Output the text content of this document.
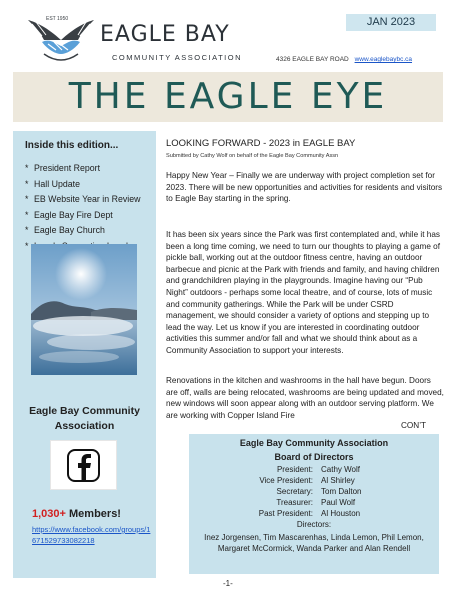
EST 1950
EAGLE BAY
COMMUNITY ASSOCIATION
JAN 2023
4326 EAGLE BAY ROAD www.eaglebaybc.ca
THE EAGLE EYE
Inside this edition...
* President Report
* Hall Update
* EB Website Year in Review
* Eagle Bay Fire Dept
* Eagle Bay Church
*
Eagle Bay Community Association
1,030+ Members!
https://www.facebook.com/groups/1671529733082218
LOOKING FORWARD - 2023 in EAGLE BAY
Submitted by Cathy Wolf on behalf of the Eagle Bay Community Assn

Happy New Year – Finally we are underway with project completion set for 2023. There will be new opportunities and activities for residents and visitors to Eagle Bay starting in the spring.

It has been six years since the Park was first contemplated and, while it has been a long time coming, we need to turn our thoughts to playing a game of pickle ball, working out at the outdoor fitness centre, having an outdoor barbecue and picnic at the Park with friends and family, and having children and grandchildren playing in the playgrounds. Imagine having our “Pub Night” outdoors - perhaps some local theatre, and of course, lots of music and community gatherings. While the Park will be under CSRD management, we should consider a variety of options and stepping up to lead the way. Let us know if you are interested in coordinating outdoor activities this summer and/or fall and what we should think about as a Community Association to support your interests.

Renovations in the kitchen and washrooms in the hall have begun. Doors are off, walls are being relocated, washrooms are being updated and moved, new windows will soon appear along with an outdoor serving platform. We are working with Copper Island Fire

CON’T
Eagle Bay Community Association
Board of Directors
President:	Cathy Wolf
Vice President:	Al Shirley
Secretary:	Tom Dalton
Treasurer:	Paul Wolf
Past President:	Al Houston
Directors:
Inez Jorgensen, Tim Mascarenhas, Linda Lemon, Phil Lemon, Margaret McCormick, Wanda Parker and Alan Rendell
-1-
